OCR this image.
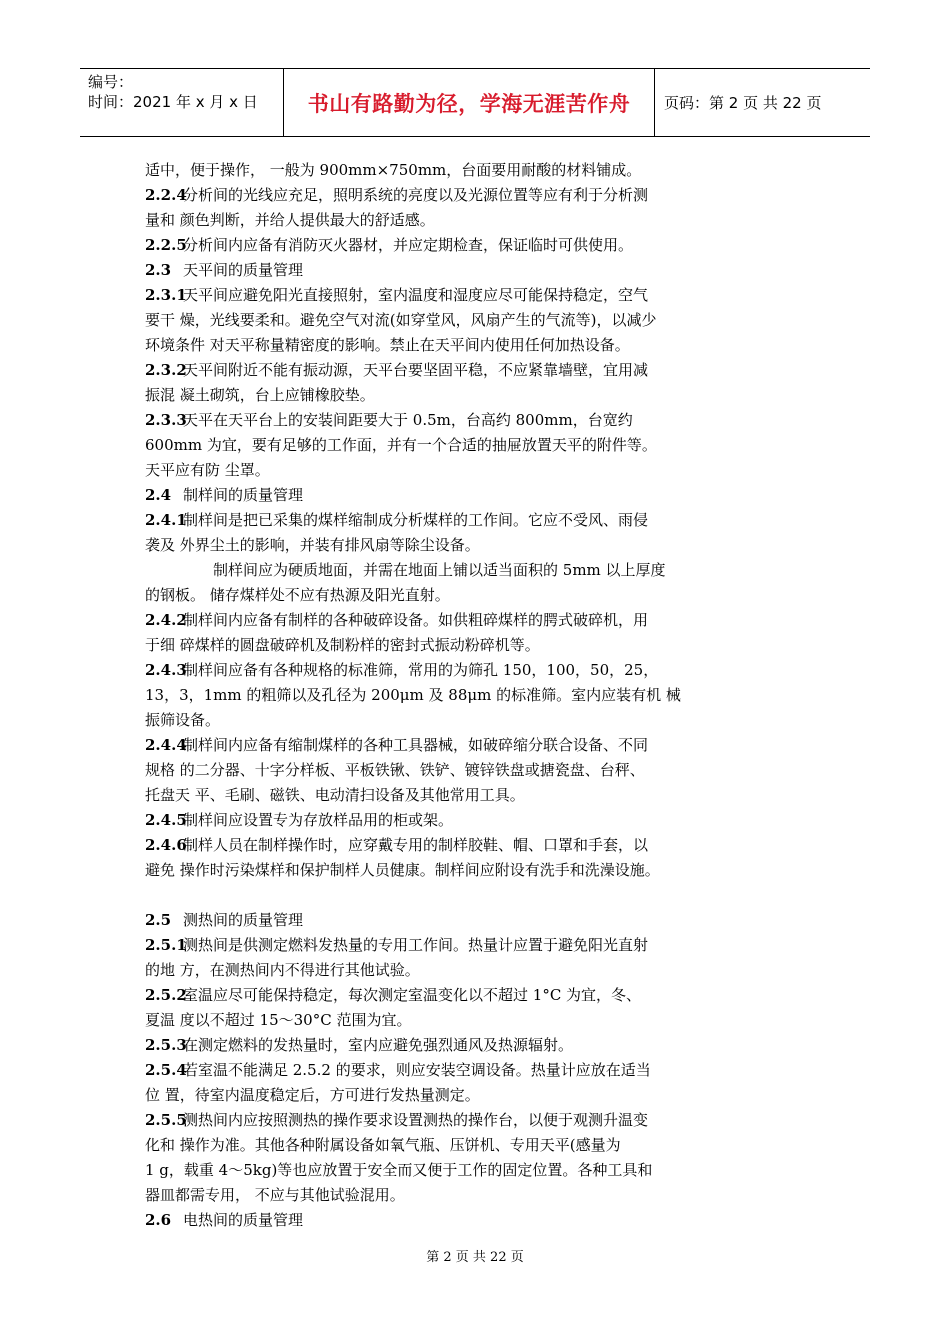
编号：
时间：2021 年 x 月 x 日	书山有路勤为径，学海无涯苦作舟 页码：第 2 页 共 22 页
适中，便于操作， 一般为 900mm×750mm，台面要用耐酸的材料铺成。
2.2.4分析间的光线应充足，照明系统的亮度以及光源位置等应有利于分析测
量和 颜色判断，并给人提供最大的舒适感。
2.2.5分析间内应备有消防灭火器材，并应定期检查，保证临时可供使用。
2.3 天平间的质量管理
2.3.1天平间应避免阳光直接照射，室内温度和湿度应尽可能保持稳定，空气
要干 燥，光线要柔和。避免空气对流(如穿堂风，风扇产生的气流等)，以减少
环境条件 对天平称量精密度的影响。禁止在天平间内使用任何加热设备。
2.3.2天平间附近不能有振动源，天平台要坚固平稳，不应紧靠墙壁，宜用减
振混 凝土砌筑，台上应铺橡胶垫。
2.3.3天平在天平台上的安装间距要大于 0.5m，台高约 800mm，台宽约
600mm 为宜，要有足够的工作面，并有一个合适的抽屉放置天平的附件等。
天平应有防 尘罩。
2.4 制样间的质量管理
2.4.1制样间是把已采集的煤样缩制成分析煤样的工作间。它应不受风、雨侵
袭及 外界尘土的影响，并装有排风扇等除尘设备。
制样间应为硬质地面，并需在地面上铺以适当面积的 5mm 以上厚度
的钢板。 储存煤样处不应有热源及阳光直射。
2.4.2制样间内应备有制样的各种破碎设备。如供粗碎煤样的腭式破碎机，用
于细 碎煤样的圆盘破碎机及制粉样的密封式振动粉碎机等。
2.4.3制样间应备有各种规格的标准筛，常用的为筛孔 150，100，50，25，
13，3，1mm 的粗筛以及孔径为 200μm 及 88μm 的标准筛。室内应装有机 械
振筛设备。
2.4.4制样间内应备有缩制煤样的各种工具器械，如破碎缩分联合设备、不同
规格 的二分器、十字分样板、平板铁锹、铁铲、镀锌铁盘或搪瓷盘、台秤、
托盘天 平、毛刷、磁铁、电动清扫设备及其他常用工具。
2.4.5制样间应设置专为存放样品用的柜或架。
2.4.6制样人员在制样操作时，应穿戴专用的制样胶鞋、帽、口罩和手套，以
避免 操作时污染煤样和保护制样人员健康。制样间应附设有洗手和洗澡设施。
2.5 测热间的质量管理
2.5.1测热间是供测定燃料发热量的专用工作间。热量计应置于避免阳光直射
的地 方，在测热间内不得进行其他试验。
2.5.2室温应尽可能保持稳定，每次测定室温变化以不超过 1°C 为宜，冬、
夏温 度以不超过 15～30°C 范围为宜。
2.5.3在测定燃料的发热量时，室内应避免强烈通风及热源辐射。
2.5.4若室温不能满足 2.5.2 的要求，则应安装空调设备。热量计应放在适当
位 置，待室内温度稳定后，方可进行发热量测定。
2.5.5测热间内应按照测热的操作要求设置测热的操作台，以便于观测升温变
化和 操作为准。其他各种附属设备如氧气瓶、压饼机、专用天平(感量为
1 g，载重 4～5kg)等也应放置于安全而又便于工作的固定位置。各种工具和
器皿都需专用， 不应与其他试验混用。
2.6 电热间的质量管理
第 2 页 共 22 页
